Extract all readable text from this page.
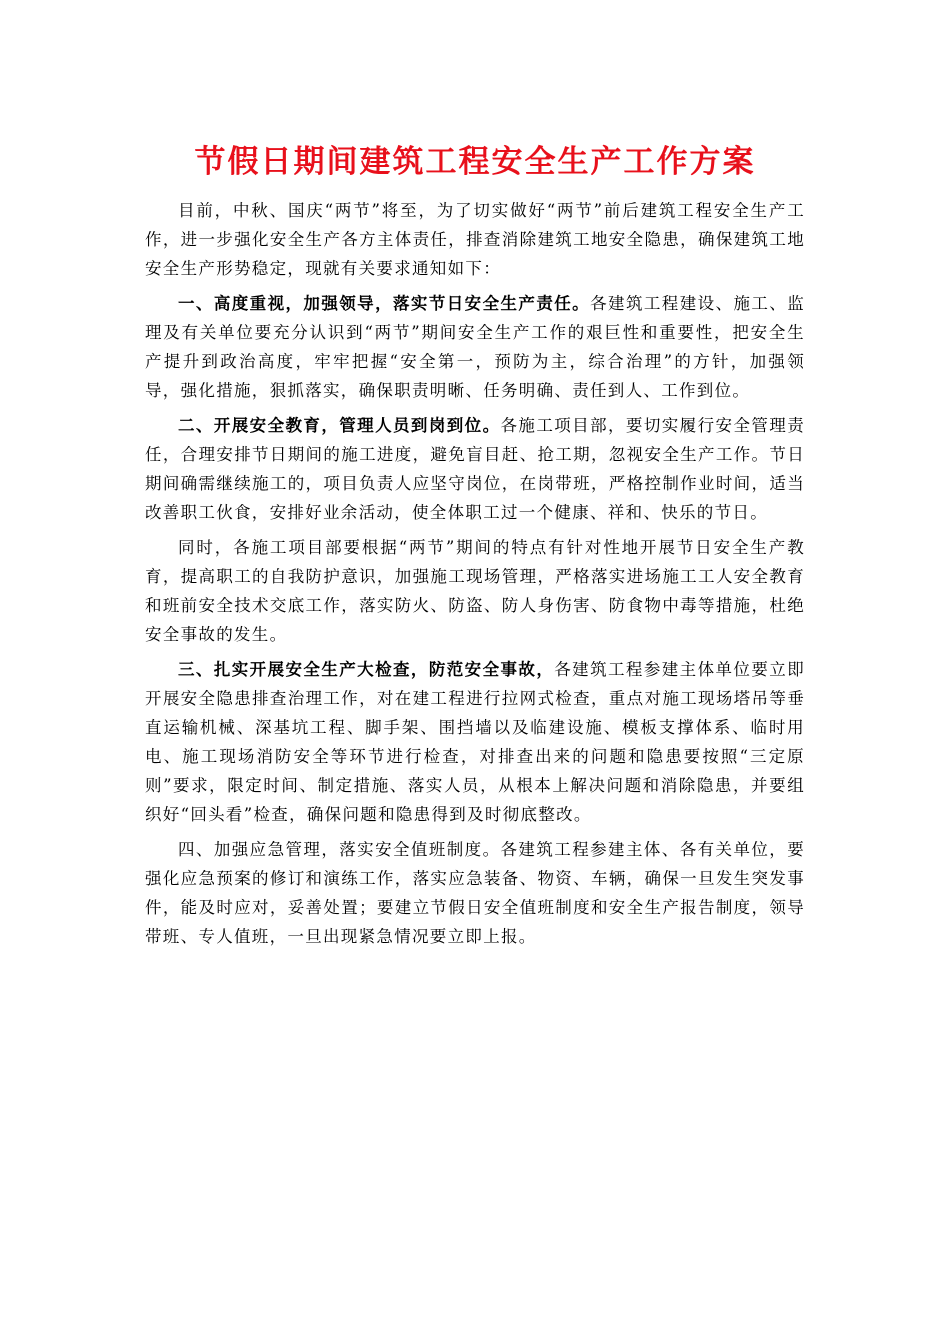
节假日期间建筑工程安全生产工作方案

目前，中秋、国庆“两节”将至，为了切实做好“两节”前后建筑工程安全生产工作，进一步强化安全生产各方主体责任，排查消除建筑工地安全隐患，确保建筑工地安全生产形势稳定，现就有关要求通知如下：

一、高度重视，加强领导，落实节日安全生产责任。各建筑工程建设、施工、监理及有关单位要充分认识到“两节”期间安全生产工作的艰巨性和重要性，把安全生产提升到政治高度，牢牢把握“安全第一，预防为主，综合治理”的方针，加强领导，强化措施，狠抓落实，确保职责明晰、任务明确、责任到人、工作到位。

二、开展安全教育，管理人员到岗到位。各施工项目部，要切实履行安全管理责任，合理安排节日期间的施工进度，避免盲目赶、抢工期，忽视安全生产工作。节日期间确需继续施工的，项目负责人应坚守岗位，在岗带班，严格控制作业时间，适当改善职工伙食，安排好业余活动，使全体职工过一个健康、祥和、快乐的节日。

同时，各施工项目部要根据“两节”期间的特点有针对性地开展节日安全生产教育，提高职工的自我防护意识，加强施工现场管理，严格落实进场施工工人安全教育和班前安全技术交底工作，落实防火、防盗、防人身伤害、防食物中毒等措施，杜绝安全事故的发生。

三、扎实开展安全生产大检查，防范安全事故，各建筑工程参建主体单位要立即开展安全隐患排查治理工作，对在建工程进行拉网式检查，重点对施工现场塔吊等垂直运输机械、深基坑工程、脚手架、围挡墙以及临建设施、模板支撑体系、临时用电、施工现场消防安全等环节进行检查，对排查出来的问题和隐患要按照“三定原则”要求，限定时间、制定措施、落实人员，从根本上解决问题和消除隐患，并要组织好“回头看”检查，确保问题和隐患得到及时彻底整改。

四、加强应急管理，落实安全值班制度。各建筑工程参建主体、各有关单位，要强化应急预案的修订和演练工作，落实应急装备、物资、车辆，确保一旦发生突发事件，能及时应对，妥善处置；要建立节假日安全值班制度和安全生产报告制度，领导带班、专人值班，一旦出现紧急情况要立即上报。
